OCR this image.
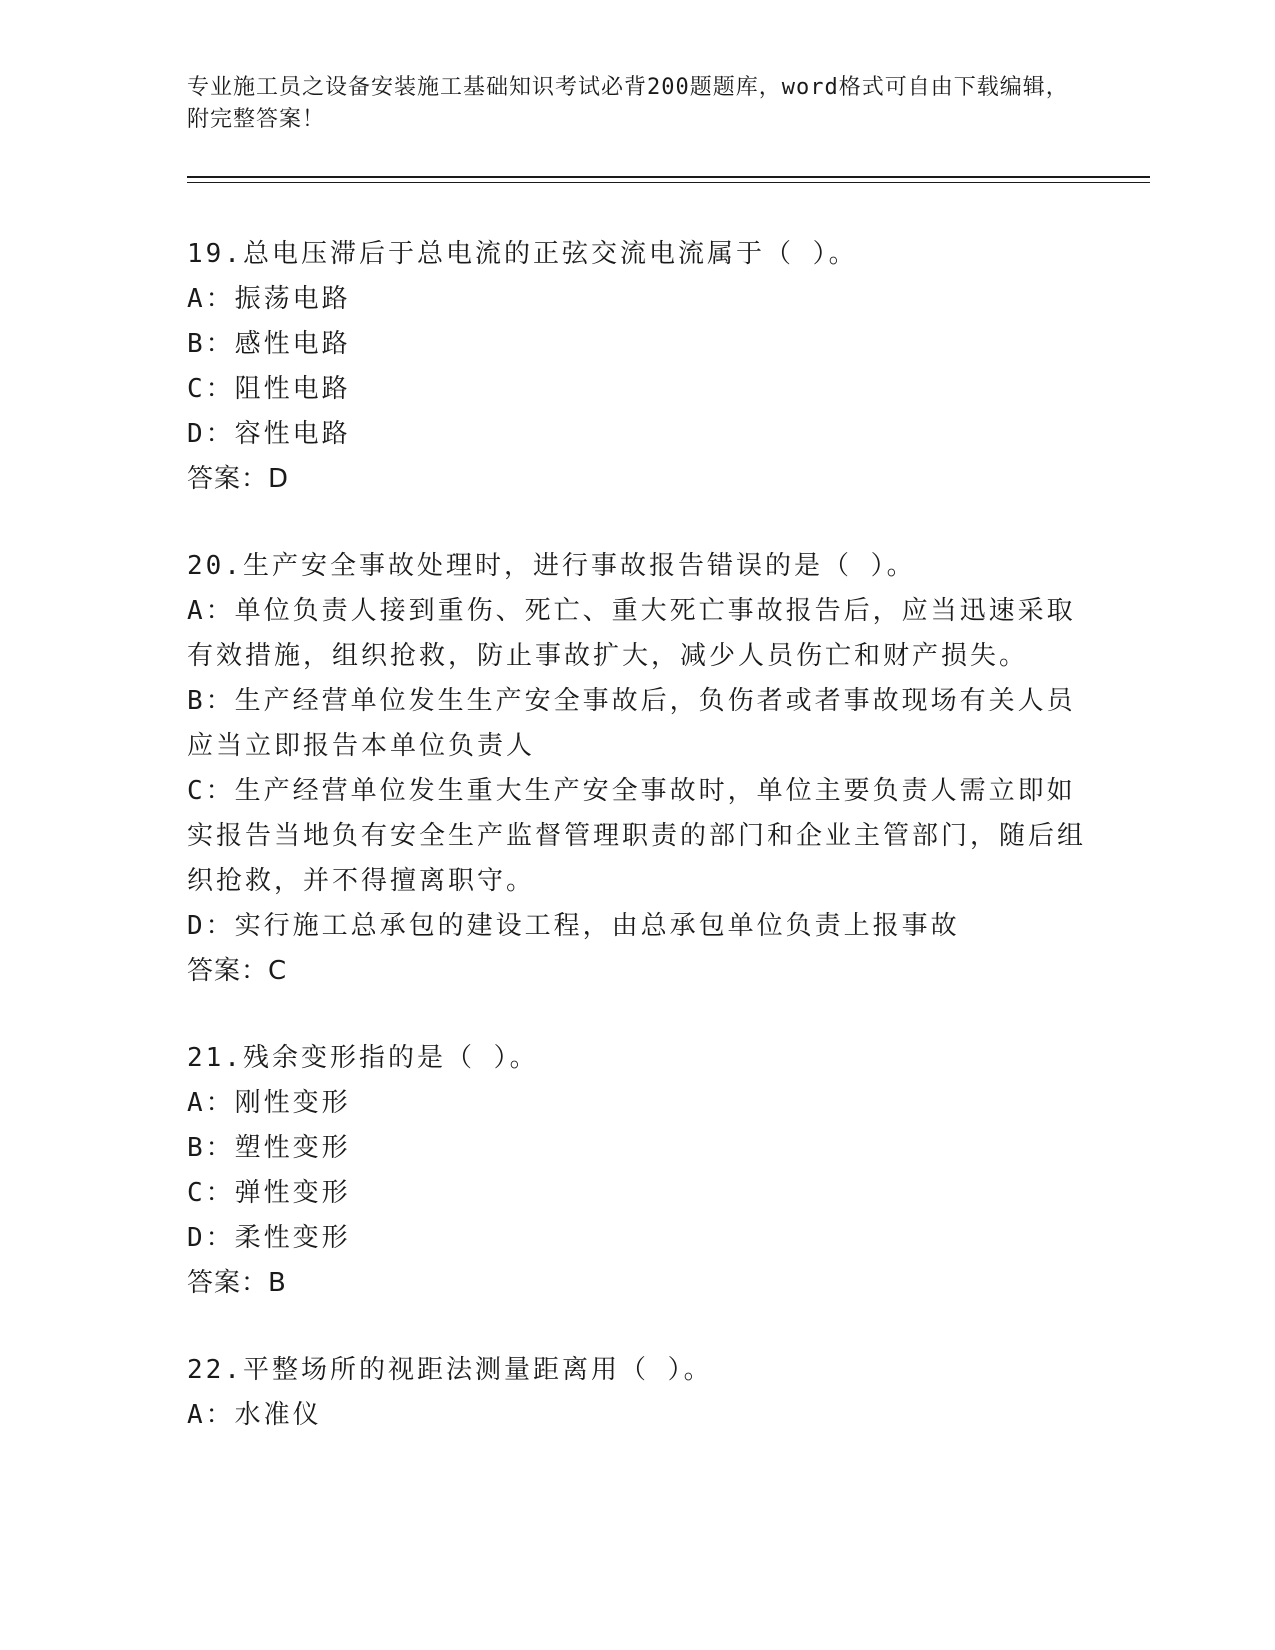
专业施工员之设备安装施工基础知识考试必背200题题库，word格式可自由下载编辑，附完整答案！
19.总电压滞后于总电流的正弦交流电流属于（ ）。
A：振荡电路
B：感性电路
C：阻性电路
D：容性电路
答案：D
20.生产安全事故处理时，进行事故报告错误的是（ ）。
A：单位负责人接到重伤、死亡、重大死亡事故报告后，应当迅速采取有效措施，组织抢救，防止事故扩大，减少人员伤亡和财产损失。
B：生产经营单位发生生产安全事故后，负伤者或者事故现场有关人员应当立即报告本单位负责人
C：生产经营单位发生重大生产安全事故时，单位主要负责人需立即如实报告当地负有安全生产监督管理职责的部门和企业主管部门，随后组织抢救，并不得擅离职守。
D：实行施工总承包的建设工程，由总承包单位负责上报事故
答案：C
21.残余变形指的是（ ）。
A：刚性变形
B：塑性变形
C：弹性变形
D：柔性变形
答案：B
22.平整场所的视距法测量距离用（ ）。
A：水准仪
